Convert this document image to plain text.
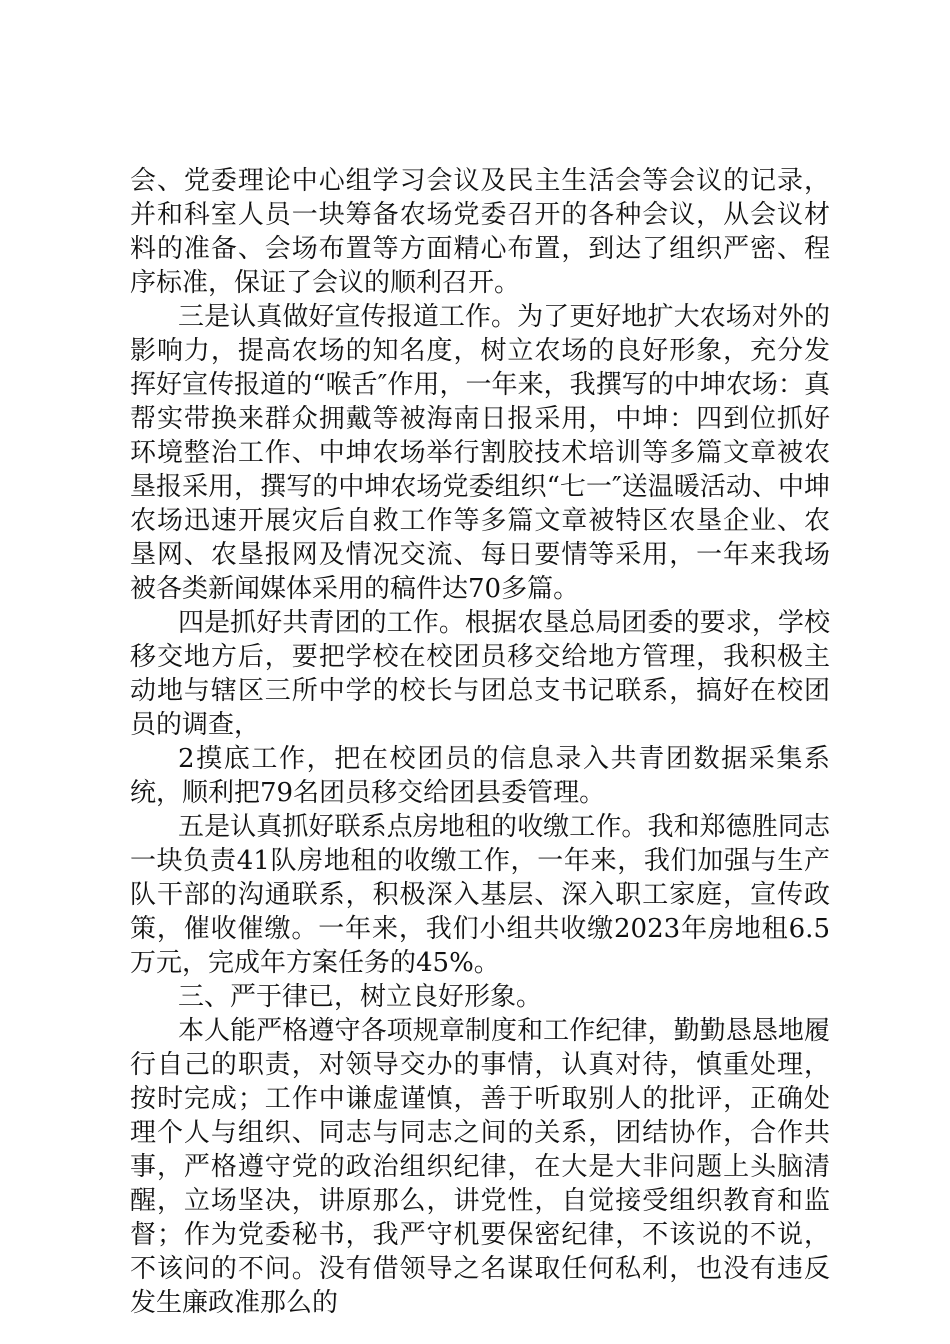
会、党委理论中心组学习会议及民主生活会等会议的记录，并和科室人员一块筹备农场党委召开的各种会议，从会议材料的准备、会场布置等方面精心布置，到达了组织严密、程序标准，保证了会议的顺利召开。

三是认真做好宣传报道工作。为了更好地扩大农场对外的影响力，提高农场的知名度，树立农场的良好形象，充分发挥好宣传报道的“喉舌″作用，一年来，我撰写的中坤农场：真帮实带换来群众拥戴等被海南日报采用，中坤：四到位抓好环境整治工作、中坤农场举行割胶技术培训等多篇文章被农垦报采用，撰写的中坤农场党委组织“七一″送温暖活动、中坤农场迅速开展灾后自救工作等多篇文章被特区农垦企业、农垦网、农垦报网及情况交流、每日要情等采用，一年来我场被各类新闻媒体采用的稿件达70多篇。

四是抓好共青团的工作。根据农垦总局团委的要求，学校移交地方后，要把学校在校团员移交给地方管理，我积极主动地与辖区三所中学的校长与团总支书记联系，搞好在校团员的调查，

2摸底工作，把在校团员的信息录入共青团数据采集系统，顺利把79名团员移交给团县委管理。

五是认真抓好联系点房地租的收缴工作。我和郑德胜同志一块负责41队房地租的收缴工作，一年来，我们加强与生产队干部的沟通联系，积极深入基层、深入职工家庭，宣传政策，催收催缴。一年来，我们小组共收缴2023年房地租6.5万元，完成年方案任务的45%。

三、严于律已，树立良好形象。

本人能严格遵守各项规章制度和工作纪律，勤勤恳恳地履行自己的职责，对领导交办的事情，认真对待，慎重处理，按时完成；工作中谦虚谨慎，善于听取别人的批评，正确处理个人与组织、同志与同志之间的关系，团结协作，合作共事，严格遵守党的政治组织纪律，在大是大非问题上头脑清醒，立场坚决，讲原那么，讲党性，自觉接受组织教育和监督；作为党委秘书，我严守机要保密纪律，不该说的不说，不该问的不问。没有借领导之名谋取任何私利，也没有违反发生廉政准那么的
